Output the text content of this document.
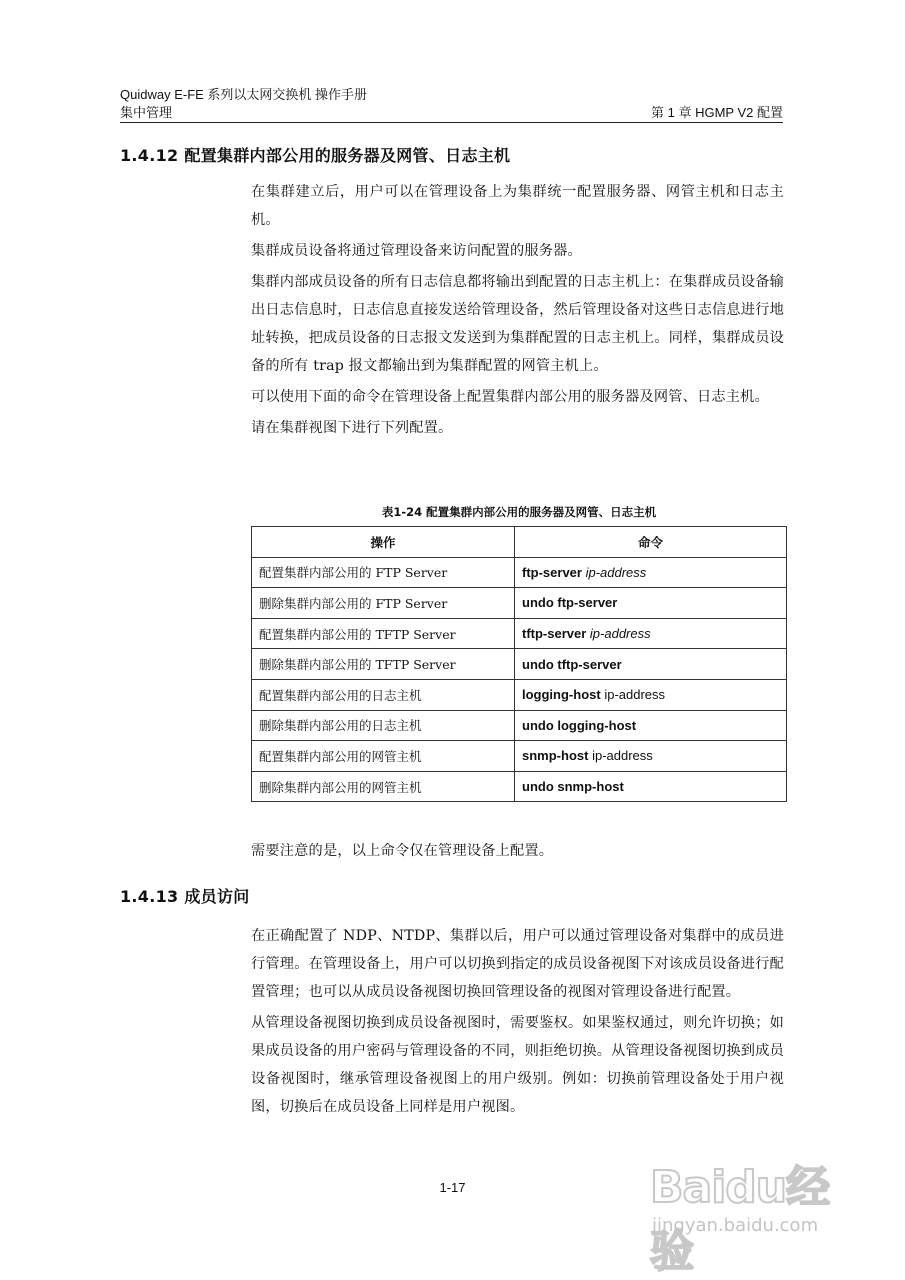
Quidway E-FE 系列以太网交换机 操作手册
集中管理	第 1 章 HGMP V2 配置
1.4.12 配置集群内部公用的服务器及网管、日志主机

在集群建立后，用户可以在管理设备上为集群统一配置服务器、网管主机和日志主机。

集群成员设备将通过管理设备来访问配置的服务器。

集群内部成员设备的所有日志信息都将输出到配置的日志主机上：在集群成员设备输出日志信息时，日志信息直接发送给管理设备，然后管理设备对这些日志信息进行地址转换，把成员设备的日志报文发送到为集群配置的日志主机上。同样，集群成员设备的所有 trap 报文都输出到为集群配置的网管主机上。

可以使用下面的命令在管理设备上配置集群内部公用的服务器及网管、日志主机。

请在集群视图下进行下列配置。

表1-24 配置集群内部公用的服务器及网管、日志主机
操作	命令
配置集群内部公用的 FTP Server	ftp-server ip-address
删除集群内部公用的 FTP Server	undo ftp-server
配置集群内部公用的 TFTP Server	tftp-server ip-address
删除集群内部公用的 TFTP Server	undo tftp-server
配置集群内部公用的日志主机	logging-host ip-address
删除集群内部公用的日志主机	undo logging-host
配置集群内部公用的网管主机	snmp-host ip-address
删除集群内部公用的网管主机	undo snmp-host

需要注意的是，以上命令仅在管理设备上配置。

1.4.13 成员访问

在正确配置了 NDP、NTDP、集群以后，用户可以通过管理设备对集群中的成员进行管理。在管理设备上，用户可以切换到指定的成员设备视图下对该成员设备进行配置管理；也可以从成员设备视图切换回管理设备的视图对管理设备进行配置。

从管理设备视图切换到成员设备视图时，需要鉴权。如果鉴权通过，则允许切换；如果成员设备的用户密码与管理设备的不同，则拒绝切换。从管理设备视图切换到成员设备视图时，继承管理设备视图上的用户级别。例如：切换前管理设备处于用户视图，切换后在成员设备上同样是用户视图。

1-17	Baidu经验
jingyan.baidu.com
